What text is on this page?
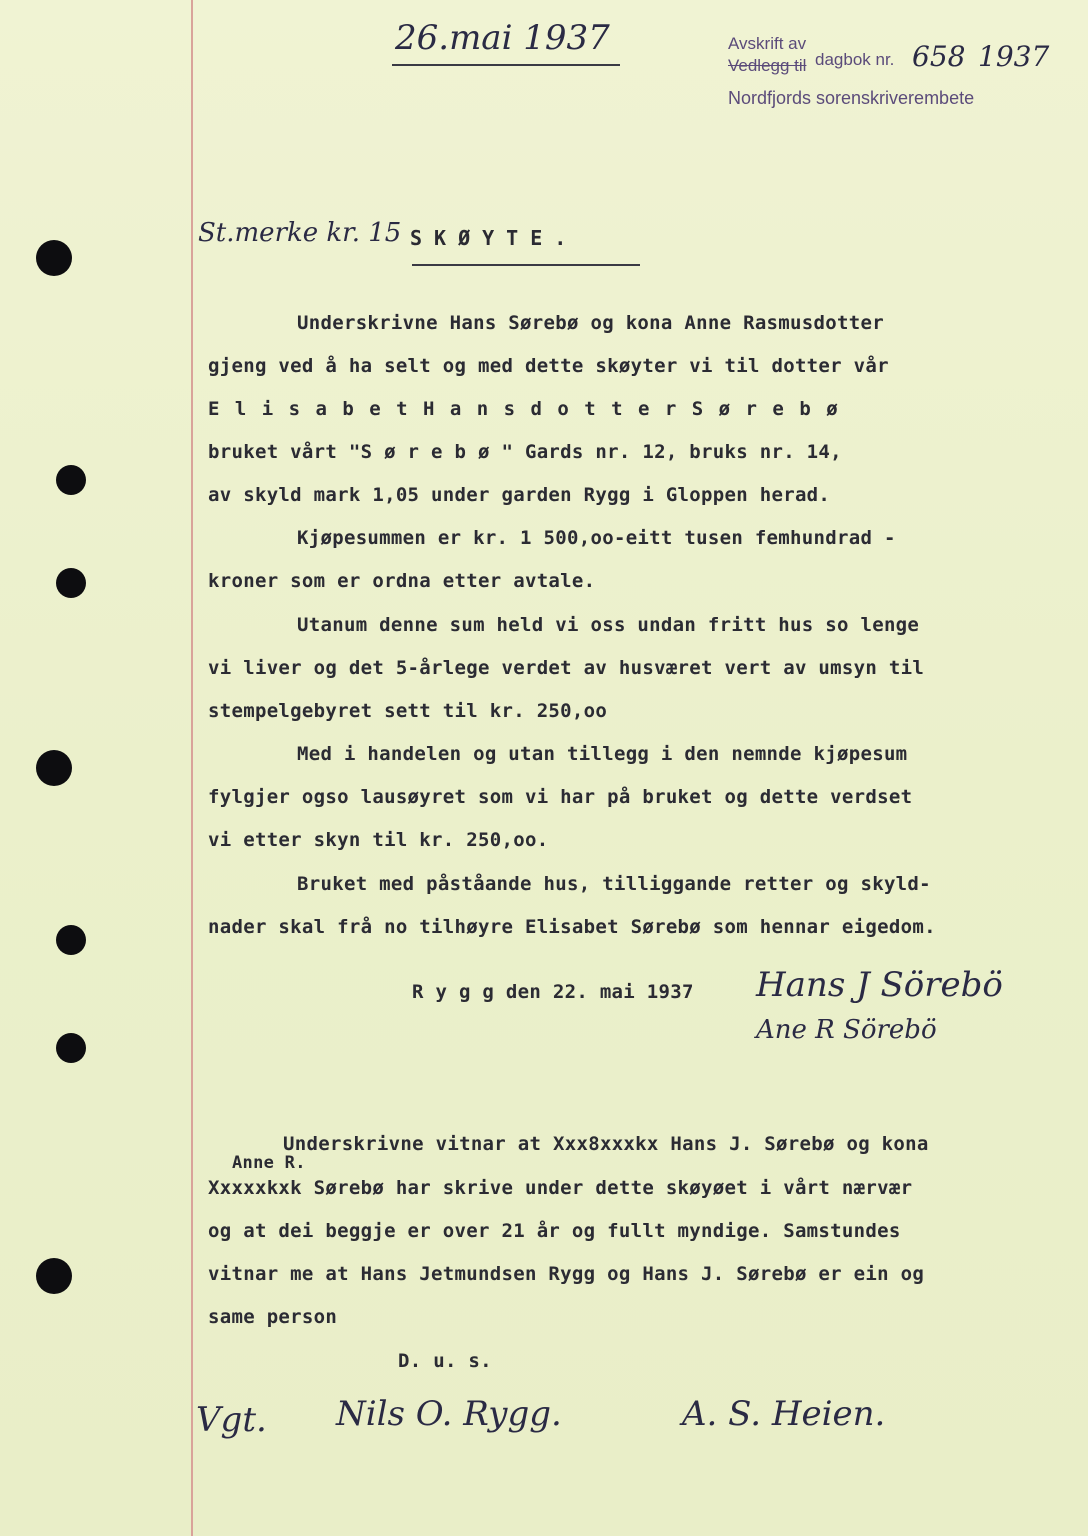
26.mai 1937	Avskrift av
Vedlegg til dagbok nr. 658 1937
Nordfjords sorenskriverembete
St.merke kr. 15 SKØYTE.
Underskrivne Hans Sørebø og kona Anne Rasmusdotter
gjeng ved å ha selt og med dette skøyter vi til dotter vår
E l i s a b e t H a n s d o t t e r S ø r e b ø
bruket vårt "S ø r e b ø " Gards nr. 12, bruks nr. 14,
av skyld mark 1,05 under garden Rygg i Gloppen herad.
Kjøpesummen er kr. 1 500,oo-eitt tusen femhundrad -
kroner som er ordna etter avtale.
Utanum denne sum held vi oss undan fritt hus so lenge
vi liver og det 5-årlege verdet av husværet vert av umsyn til
stempelgebyret sett til kr. 250,oo
Med i handelen og utan tillegg i den nemnde kjøpesum
fylgjer ogso lausøyret som vi har på bruket og dette verdset
vi etter skyn til kr. 250,oo.
Bruket med påståande hus, tilliggande retter og skyld-
nader skal frå no tilhøyre Elisabet Sørebø som hennar eigedom.
R y g g den 22. mai 1937 Hans J Sörebö
Ane R Sörebö
Underskrivne vitnar at Xxx8xxxkx Hans J. Sørebø og kona
Anne R.
Xxxxxkxk Sørebø har skrive under dette skøyøet i vårt nærvær
og at dei beggje er over 21 år og fullt myndige. Samstundes
vitnar me at Hans Jetmundsen Rygg og Hans J. Sørebø er ein og
same person
D. u. s.
Vgt. Nils O. Rygg.	A. S. Heien.
